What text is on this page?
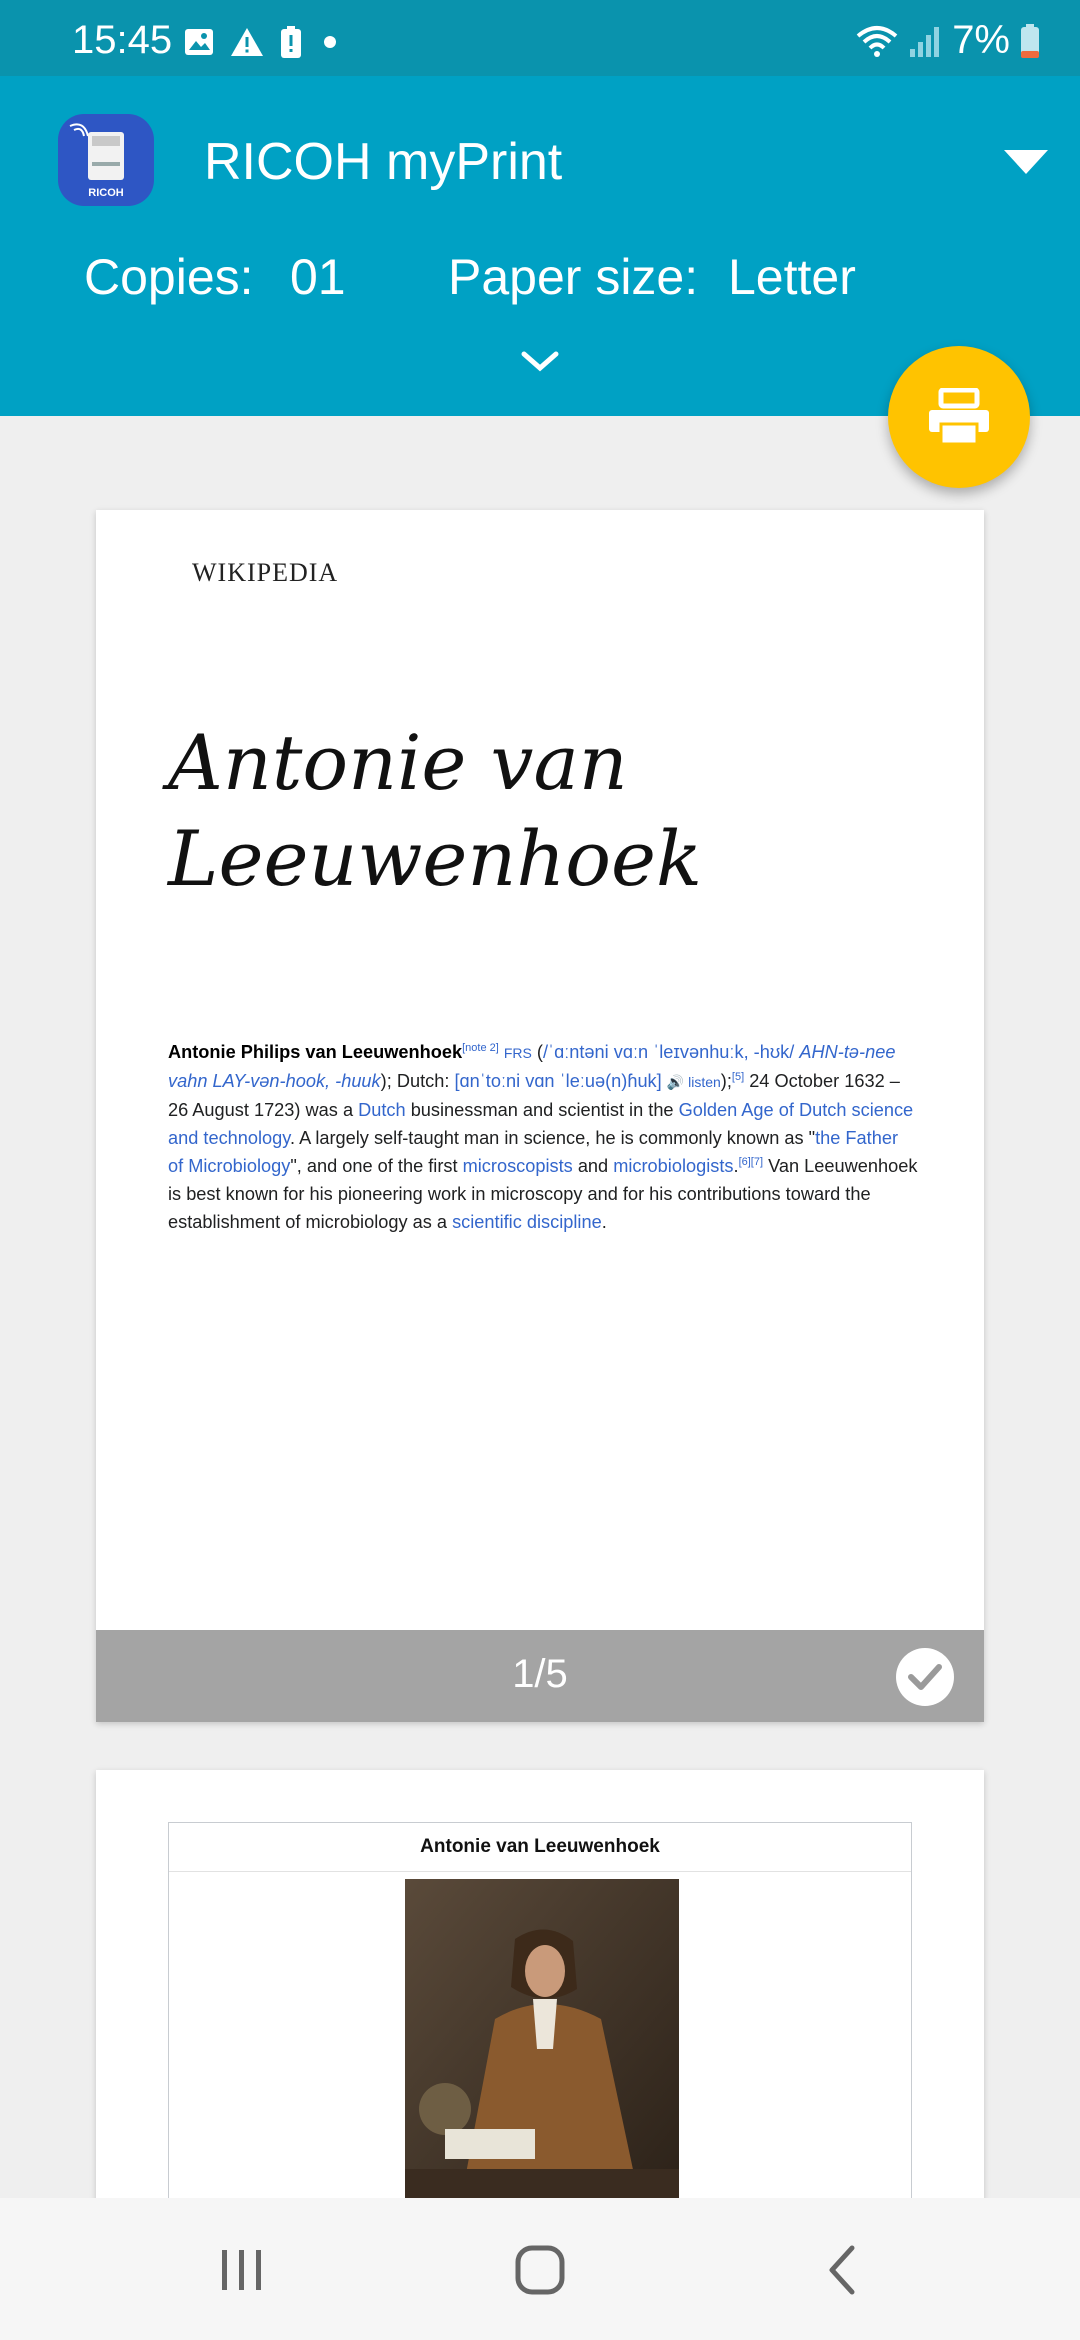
15:45	7%
RICOH
RICOH myPrint
Copies: 01 Paper size: Letter
WIKIPEDIA
Antonie van
Leeuwenhoek
Antonie Philips van Leeuwenhoek[note 2] FRS (/ˈɑːntəni vɑːn ˈleɪvənhuːk, -hʊk/ AHN-tə-nee vahn LAY-vən-hook, -huuk); Dutch: [ɑnˈtoːni vɑn ˈleːuə(n)ɦuk] 🔊 listen);[5] 24 October 1632 – 26 August 1723) was a Dutch businessman and scientist in the Golden Age of Dutch science and technology. A largely self-taught man in science, he is commonly known as "the Father of Microbiology", and one of the first microscopists and microbiologists.[6][7] Van Leeuwenhoek is best known for his pioneering work in microscopy and for his contributions toward the establishment of microbiology as a scientific discipline.
1/5
Antonie van Leeuwenhoek
